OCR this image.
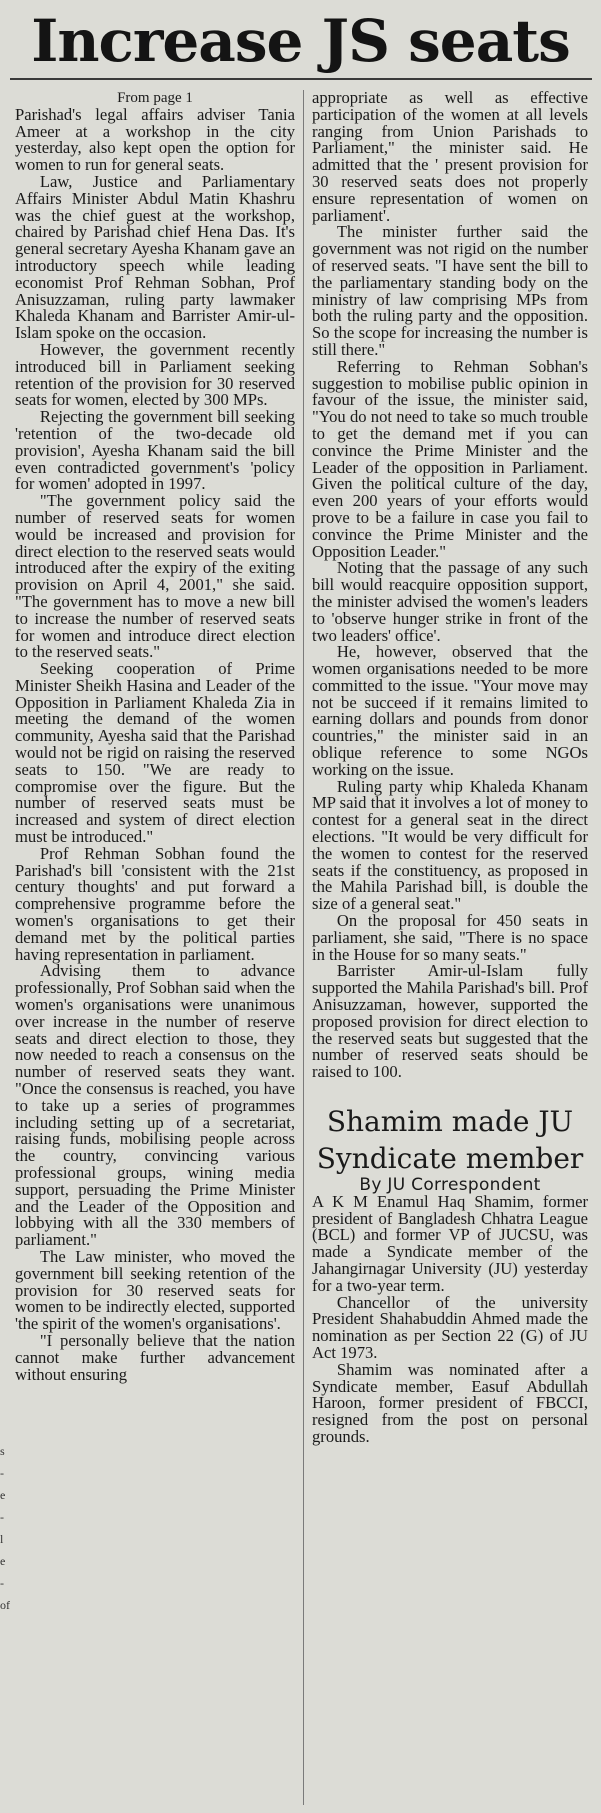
Increase JS seats

From page 1

Parishad's legal affairs adviser Tania Ameer at a workshop in the city yesterday, also kept open the option for women to run for general seats.

Law, Justice and Parliamentary Affairs Minister Abdul Matin Khashru was the chief guest at the workshop, chaired by Parishad chief Hena Das. It's general secretary Ayesha Khanam gave an introductory speech while leading economist Prof Rehman Sobhan, Prof Anisuzzaman, ruling party lawmaker Khaleda Khanam and Barrister Amir-ul-Islam spoke on the occasion.

However, the government recently introduced bill in Parliament seeking retention of the provision for 30 reserved seats for women, elected by 300 MPs.

Rejecting the government bill seeking 'retention of the two-decade old provision', Ayesha Khanam said the bill even contradicted government's 'policy for women' adopted in 1997.

"The government policy said the number of reserved seats for women would be increased and provision for direct election to the reserved seats would introduced after the expiry of the exiting provision on April 4, 2001," she said. "The government has to move a new bill to increase the number of reserved seats for women and introduce direct election to the reserved seats."

Seeking cooperation of Prime Minister Sheikh Hasina and Leader of the Opposition in Parliament Khaleda Zia in meeting the demand of the women community, Ayesha said that the Parishad would not be rigid on raising the reserved seats to 150. "We are ready to compromise over the figure. But the number of reserved seats must be increased and system of direct election must be introduced."

Prof Rehman Sobhan found the Parishad's bill 'consistent with the 21st century thoughts' and put forward a comprehensive programme before the women's organisations to get their demand met by the political parties having representation in parliament.

Advising them to advance professionally, Prof Sobhan said when the women's organisations were unanimous over increase in the number of reserve seats and direct election to those, they now needed to reach a consensus on the number of reserved seats they want. "Once the consensus is reached, you have to take up a series of programmes including setting up of a secretariat, raising funds, mobilising people across the country, convincing various professional groups, wining media support, persuading the Prime Minister and the Leader of the Opposition and lobbying with all the 330 members of parliament."

The Law minister, who moved the government bill seeking retention of the provision for 30 reserved seats for women to be indirectly elected, supported 'the spirit of the women's organisations'.

"I personally believe that the nation cannot make further advancement without ensuring

appropriate as well as effective participation of the women at all levels ranging from Union Parishads to Parliament," the minister said. He admitted that the ' present provision for 30 reserved seats does not properly ensure representation of women on parliament'.

The minister further said the government was not rigid on the number of reserved seats. "I have sent the bill to the parliamentary standing body on the ministry of law comprising MPs from both the ruling party and the opposition. So the scope for increasing the number is still there."

Referring to Rehman Sobhan's suggestion to mobilise public opinion in favour of the issue, the minister said, "You do not need to take so much trouble to get the demand met if you can convince the Prime Minister and the Leader of the opposition in Parliament. Given the political culture of the day, even 200 years of your efforts would prove to be a failure in case you fail to convince the Prime Minister and the Opposition Leader."

Noting that the passage of any such bill would reacquire opposition support, the minister advised the women's leaders to 'observe hunger strike in front of the two leaders' office'.

He, however, observed that the women organisations needed to be more committed to the issue. "Your move may not be succeed if it remains limited to earning dollars and pounds from donor countries," the minister said in an oblique reference to some NGOs working on the issue.

Ruling party whip Khaleda Khanam MP said that it involves a lot of money to contest for a general seat in the direct elections. "It would be very difficult for the women to contest for the reserved seats if the constituency, as proposed in the Mahila Parishad bill, is double the size of a general seat."

On the proposal for 450 seats in parliament, she said, "There is no space in the House for so many seats."

Barrister Amir-ul-Islam fully supported the Mahila Parishad's bill. Prof Anisuzzaman, however, supported the proposed provision for direct election to the reserved seats but suggested that the number of reserved seats should be raised to 100.

Shamim made JU Syndicate member

By JU Correspondent

A K M Enamul Haq Shamim, former president of Bangladesh Chhatra League (BCL) and former VP of JUCSU, was made a Syndicate member of the Jahangirnagar University (JU) yesterday for a two-year term.

Chancellor of the university President Shahabuddin Ahmed made the nomination as per Section 22 (G) of JU Act 1973.

Shamim was nominated after a Syndicate member, Easuf Abdullah Haroon, former president of FBCCI, resigned from the post on personal grounds.

s
-
e
-
l
e
-
of
